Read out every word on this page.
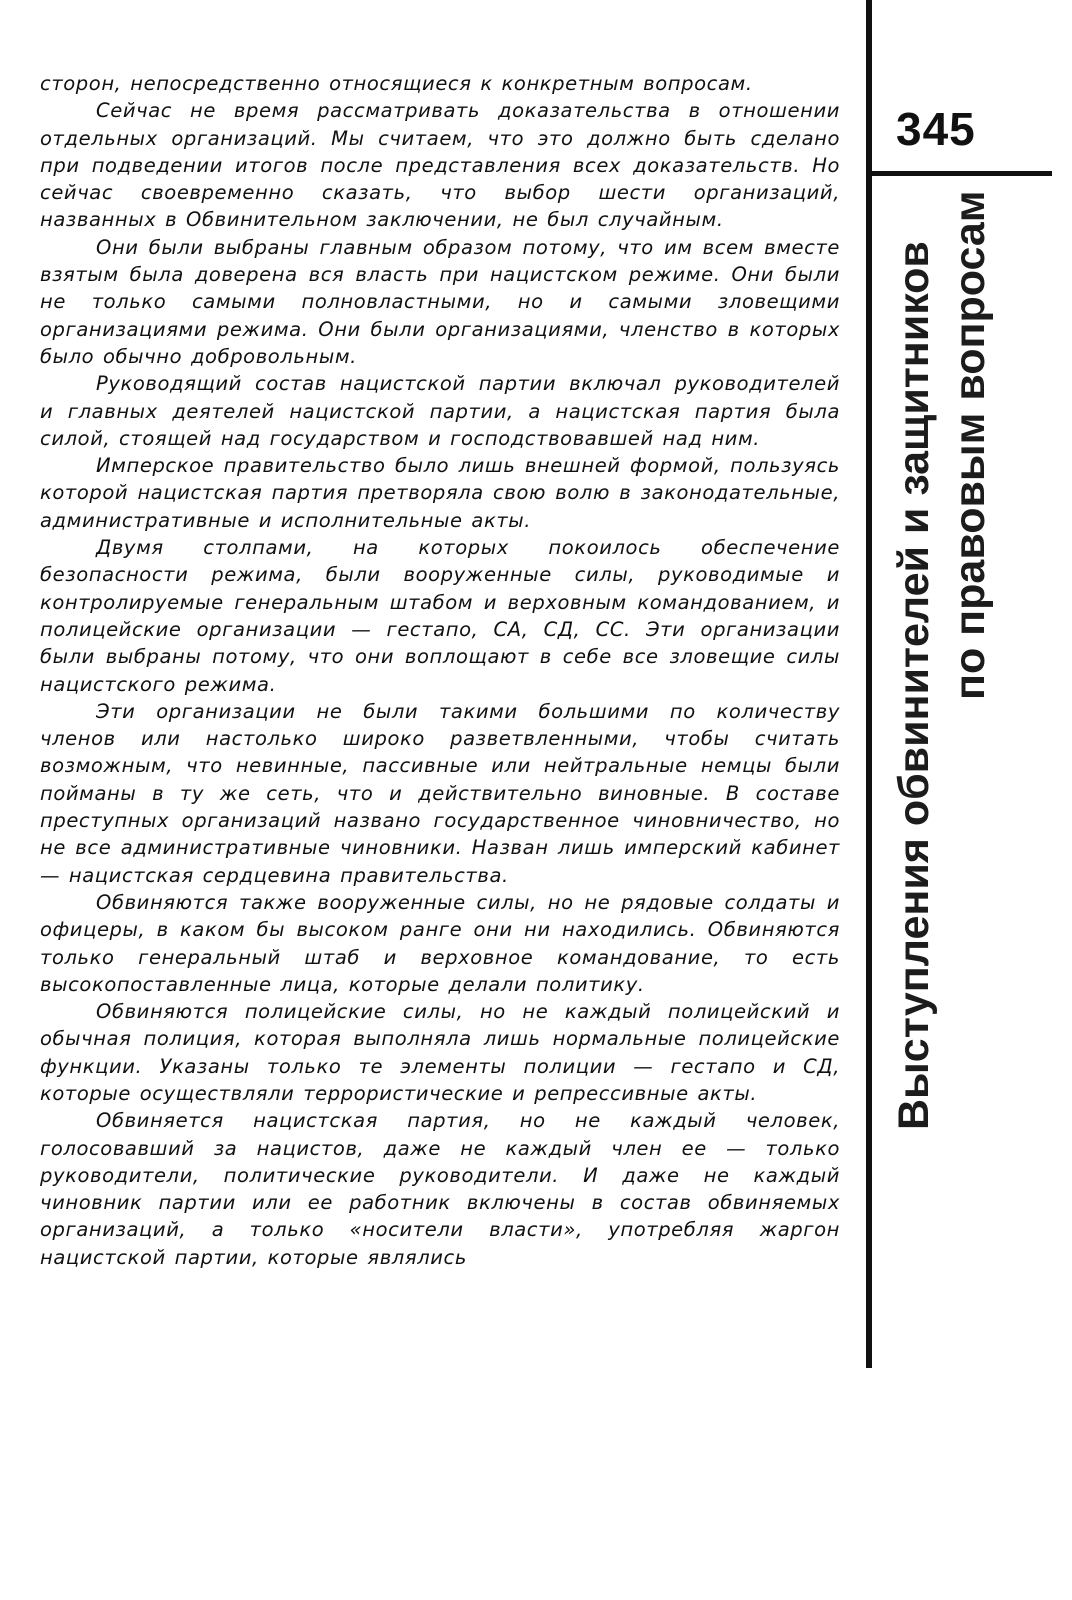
сторон, непосредственно относящиеся к конкретным вопросам.

Сейчас не время рассматривать доказательства в отношении отдельных организаций. Мы считаем, что это должно быть сделано при подведении итогов после представления всех доказательств. Но сейчас своевременно сказать, что выбор шести организаций, названных в Обвинительном заключении, не был случайным.

Они были выбраны главным образом потому, что им всем вместе взятым была доверена вся власть при нацистском режиме. Они были не только самыми полновластными, но и самыми зловещими организациями режима. Они были организациями, членство в которых было обычно добровольным.

Руководящий состав нацистской партии включал руководителей и главных деятелей нацистской партии, а нацистская партия была силой, стоящей над государством и господствовавшей над ним.

Имперское правительство было лишь внешней формой, пользуясь которой нацистская партия претворяла свою волю в законодательные, административные и исполнительные акты.

Двумя столпами, на которых покоилось обеспечение безопасности режима, были вооруженные силы, руководимые и контролируемые генеральным штабом и верховным командованием, и полицейские организации — гестапо, СА, СД, СС. Эти организации были выбраны потому, что они воплощают в себе все зловещие силы нацистского режима.

Эти организации не были такими большими по количеству членов или настолько широко разветвленными, чтобы считать возможным, что невинные, пассивные или нейтральные немцы были пойманы в ту же сеть, что и действительно виновные. В составе преступных организаций названо государственное чиновничество, но не все административные чиновники. Назван лишь имперский кабинет — нацистская сердцевина правительства.

Обвиняются также вооруженные силы, но не рядовые солдаты и офицеры, в каком бы высоком ранге они ни находились. Обвиняются только генеральный штаб и верховное командование, то есть высокопоставленные лица, которые делали политику.

Обвиняются полицейские силы, но не каждый полицейский и обычная полиция, которая выполняла лишь нормальные полицейские функции. Указаны только те элементы полиции — гестапо и СД, которые осуществляли террористические и репрессивные акты.

Обвиняется нацистская партия, но не каждый человек, голосовавший за нацистов, даже не каждый член ее — только руководители, политические руководители. И даже не каждый чиновник партии или ее работник включены в состав обвиняемых организаций, а только «носители власти», употребляя жаргон нацистской партии, которые являлись

345
Выступления обвинителей и защитников по правовым вопросам
